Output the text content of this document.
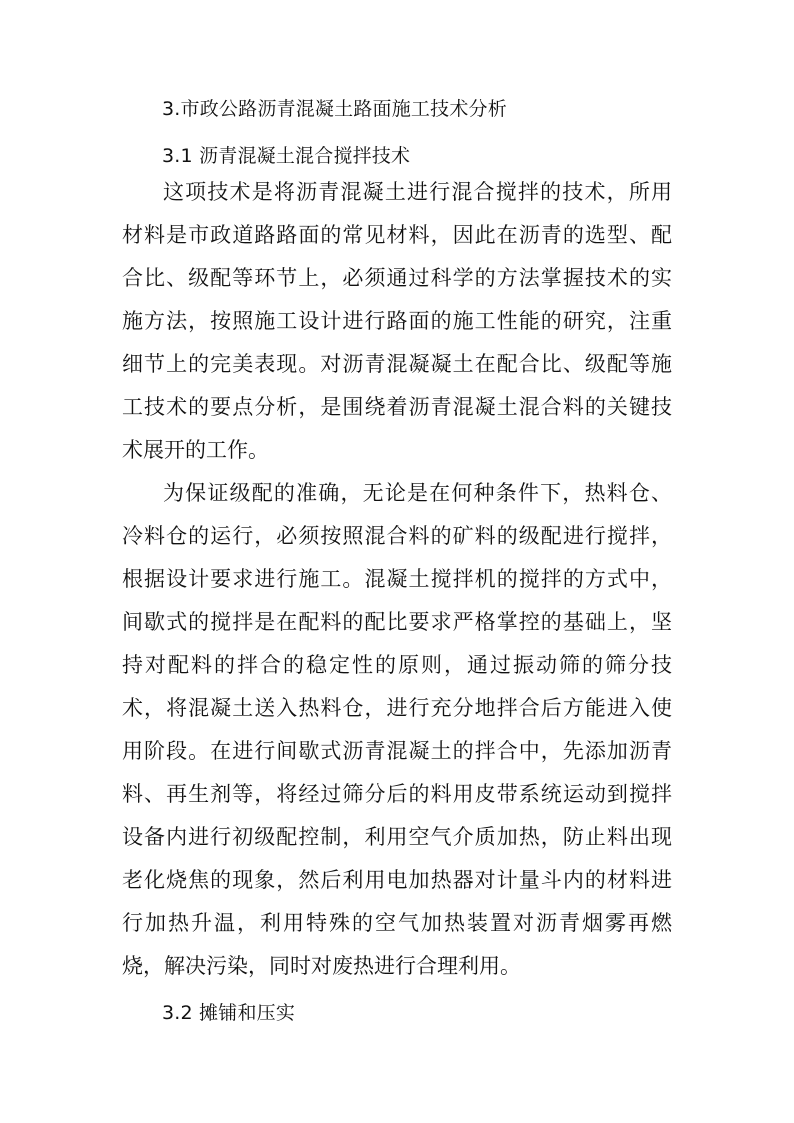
3.市政公路沥青混凝土路面施工技术分析
3.1 沥青混凝土混合搅拌技术
这项技术是将沥青混凝土进行混合搅拌的技术，所用
材料是市政道路路面的常见材料，因此在沥青的选型、配
合比、级配等环节上，必须通过科学的方法掌握技术的实
施方法，按照施工设计进行路面的施工性能的研究，注重
细节上的完美表现。对沥青混凝凝土在配合比、级配等施
工技术的要点分析，是围绕着沥青混凝土混合料的关键技
术展开的工作。
为保证级配的准确，无论是在何种条件下，热料仓、
冷料仓的运行，必须按照混合料的矿料的级配进行搅拌，
根据设计要求进行施工。混凝土搅拌机的搅拌的方式中，
间歇式的搅拌是在配料的配比要求严格掌控的基础上，坚
持对配料的拌合的稳定性的原则，通过振动筛的筛分技
术，将混凝土送入热料仓，进行充分地拌合后方能进入使
用阶段。在进行间歇式沥青混凝土的拌合中，先添加沥青
料、再生剂等，将经过筛分后的料用皮带系统运动到搅拌
设备内进行初级配控制，利用空气介质加热，防止料出现
老化烧焦的现象，然后利用电加热器对计量斗内的材料进
行加热升温，利用特殊的空气加热装置对沥青烟雾再燃
烧，解决污染，同时对废热进行合理利用。
3.2 摊铺和压实
